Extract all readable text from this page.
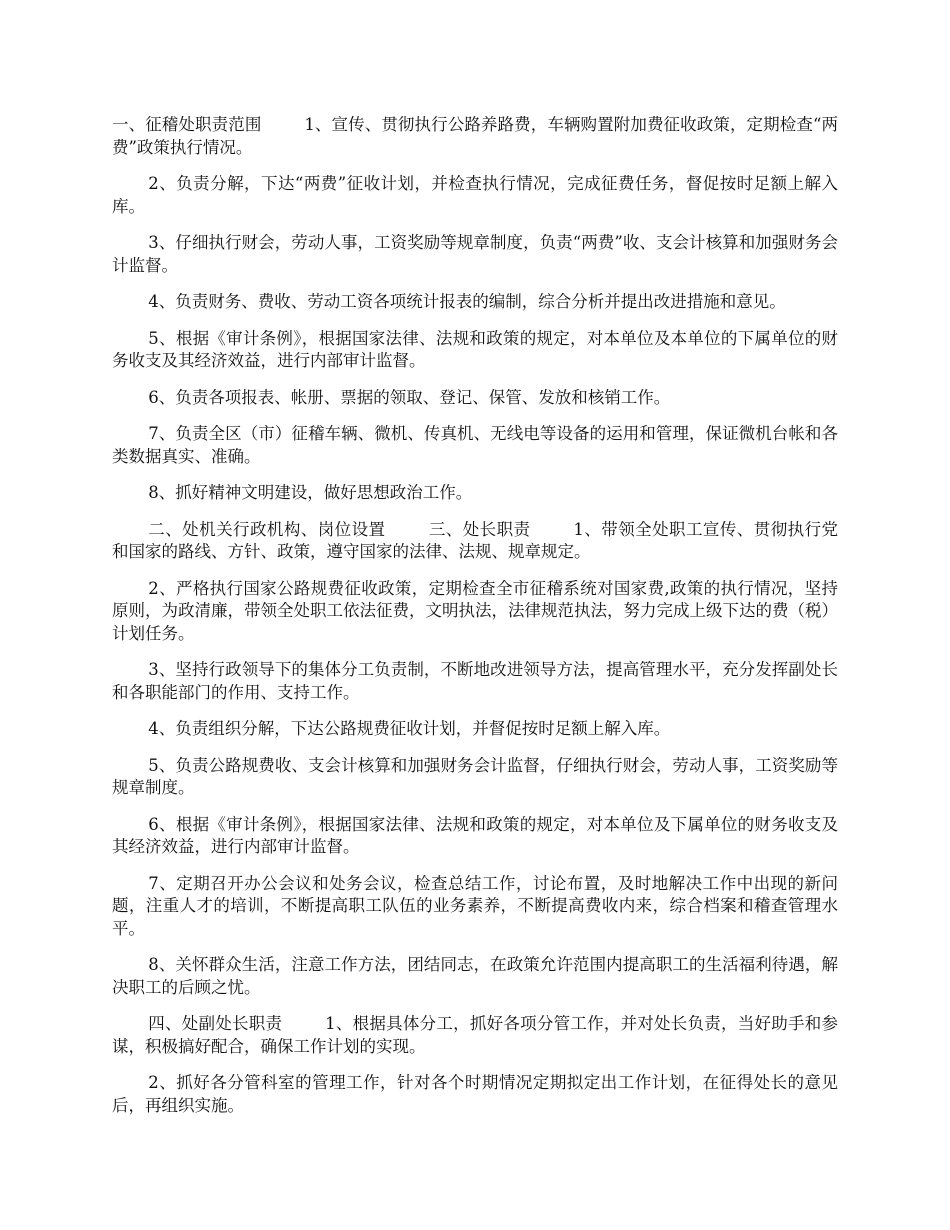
一、征稽处职责范围	1、宣传、贯彻执行公路养路费，车辆购置附加费征收政策，定期检查“两费”政策执行情况。

2、负责分解，下达“两费”征收计划，并检查执行情况，完成征费任务，督促按时足额上解入库。

3、仔细执行财会，劳动人事，工资奖励等规章制度，负责“两费”收、支会计核算和加强财务会计监督。

4、负责财务、费收、劳动工资各项统计报表的编制，综合分析并提出改进措施和意见。

5、根据《审计条例》，根据国家法律、法规和政策的规定，对本单位及本单位的下属单位的财务收支及其经济效益，进行内部审计监督。

6、负责各项报表、帐册、票据的领取、登记、保管、发放和核销工作。

7、负责全区（市）征稽车辆、微机、传真机、无线电等设备的运用和管理，保证微机台帐和各类数据真实、准确。

8、抓好精神文明建设，做好思想政治工作。

二、处机关行政机构、岗位设置	三、处长职责	1、带领全处职工宣传、贯彻执行党和国家的路线、方针、政策，遵守国家的法律、法规、规章规定。

2、严格执行国家公路规费征收政策，定期检查全市征稽系统对国家费,政策的执行情况，坚持原则，为政清廉，带领全处职工依法征费，文明执法，法律规范执法，努力完成上级下达的费（税）计划任务。

3、坚持行政领导下的集体分工负责制，不断地改进领导方法，提高管理水平，充分发挥副处长和各职能部门的作用、支持工作。

4、负责组织分解，下达公路规费征收计划，并督促按时足额上解入库。

5、负责公路规费收、支会计核算和加强财务会计监督，仔细执行财会，劳动人事，工资奖励等规章制度。

6、根据《审计条例》，根据国家法律、法规和政策的规定，对本单位及下属单位的财务收支及其经济效益，进行内部审计监督。

7、定期召开办公会议和处务会议，检查总结工作，讨论布置，及时地解决工作中出现的新问题，注重人才的培训，不断提高职工队伍的业务素养，不断提高费收内来，综合档案和稽查管理水平。

8、关怀群众生活，注意工作方法，团结同志，在政策允许范围内提高职工的生活福利待遇，解决职工的后顾之忧。

四、处副处长职责	1、根据具体分工，抓好各项分管工作，并对处长负责，当好助手和参谋，积极搞好配合，确保工作计划的实现。

2、抓好各分管科室的管理工作，针对各个时期情况定期拟定出工作计划，在征得处长的意见后，再组织实施。
